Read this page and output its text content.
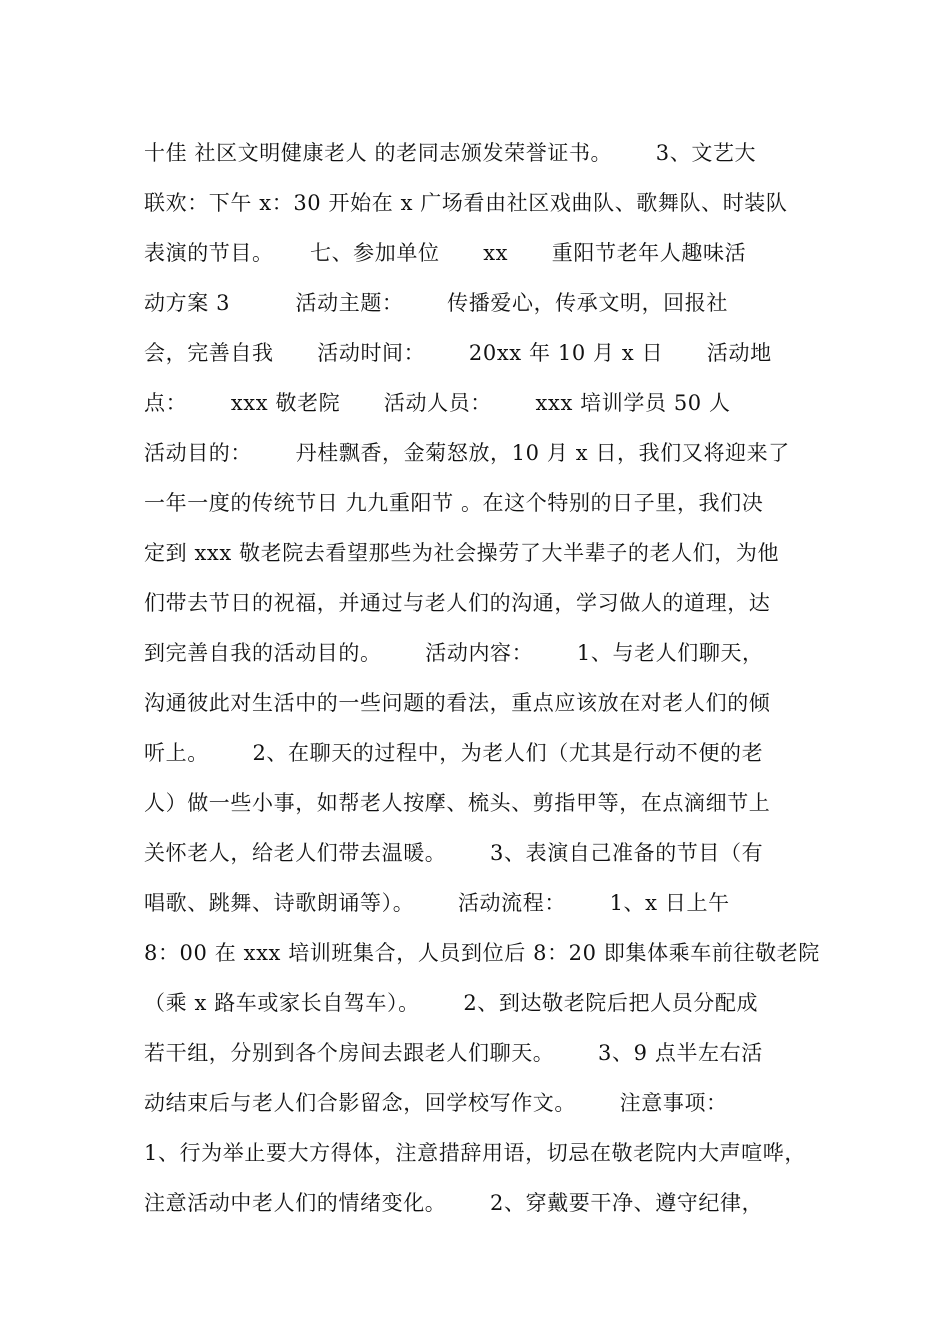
十佳 社区文明健康老人 的老同志颁发荣誉证书。      3、文艺大
联欢：下午 x：30 开始在 x 广场看由社区戏曲队、歌舞队、时装队
表演的节目。     七、参加单位      xx      重阳节老年人趣味活
动方案 3         活动主题：      传播爱心，传承文明，回报社
会，完善自我      活动时间：      20xx 年 10 月 x 日      活动地
点：      xxx 敬老院      活动人员：      xxx 培训学员 50 人
活动目的：      丹桂飘香，金菊怒放，10 月 x 日，我们又将迎来了
一年一度的传统节日 九九重阳节 。在这个特别的日子里，我们决
定到 xxx 敬老院去看望那些为社会操劳了大半辈子的老人们，为他
们带去节日的祝福，并通过与老人们的沟通，学习做人的道理，达
到完善自我的活动目的。      活动内容：      1、与老人们聊天，
沟通彼此对生活中的一些问题的看法，重点应该放在对老人们的倾
听上。      2、在聊天的过程中，为老人们（尤其是行动不便的老
人）做一些小事，如帮老人按摩、梳头、剪指甲等，在点滴细节上
关怀老人，给老人们带去温暖。      3、表演自己准备的节目（有
唱歌、跳舞、诗歌朗诵等）。      活动流程：      1、x 日上午
8：00 在 xxx 培训班集合，人员到位后 8：20 即集体乘车前往敬老院
（乘 x 路车或家长自驾车）。      2、到达敬老院后把人员分配成
若干组，分别到各个房间去跟老人们聊天。      3、9 点半左右活
动结束后与老人们合影留念，回学校写作文。      注意事项：
1、行为举止要大方得体，注意措辞用语，切忌在敬老院内大声喧哗，
注意活动中老人们的情绪变化。      2、穿戴要干净、遵守纪律，
